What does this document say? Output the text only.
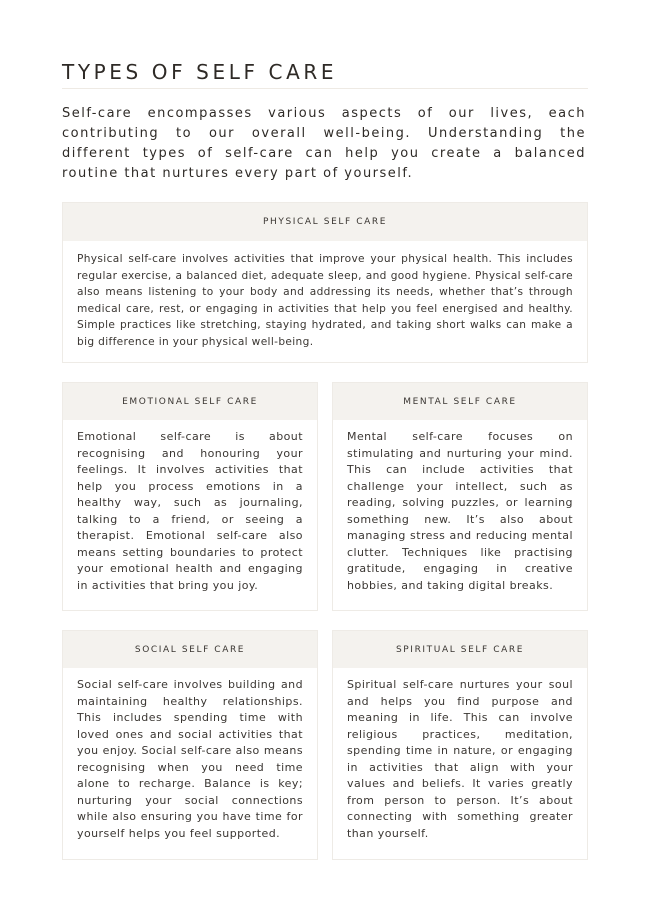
TYPES OF SELF CARE

Self-care encompasses various aspects of our lives, each contributing to our overall well-being. Understanding the different types of self-care can help you create a balanced routine that nurtures every part of yourself.

PHYSICAL SELF CARE

Physical self-care involves activities that improve your physical health. This includes regular exercise, a balanced diet, adequate sleep, and good hygiene. Physical self-care also means listening to your body and addressing its needs, whether that’s through medical care, rest, or engaging in activities that help you feel energised and healthy. Simple practices like stretching, staying hydrated, and taking short walks can make a big difference in your physical well-being.

EMOTIONAL SELF CARE

Emotional self-care is about recognising and honouring your feelings. It involves activities that help you process emotions in a healthy way, such as journaling, talking to a friend, or seeing a therapist. Emotional self-care also means setting boundaries to protect your emotional health and engaging in activities that bring you joy.

MENTAL SELF CARE

Mental self-care focuses on stimulating and nurturing your mind. This can include activities that challenge your intellect, such as reading, solving puzzles, or learning something new. It’s also about managing stress and reducing mental clutter. Techniques like practising gratitude, engaging in creative hobbies, and taking digital breaks.

SOCIAL SELF CARE

Social self-care involves building and maintaining healthy relationships. This includes spending time with loved ones and social activities that you enjoy. Social self-care also means recognising when you need time alone to recharge. Balance is key; nurturing your social connections while also ensuring you have time for yourself helps you feel supported.

SPIRITUAL SELF CARE

Spiritual self-care nurtures your soul and helps you find purpose and meaning in life. This can involve religious practices, meditation, spending time in nature, or engaging in activities that align with your values and beliefs. It varies greatly from person to person. It’s about connecting with something greater than yourself.
